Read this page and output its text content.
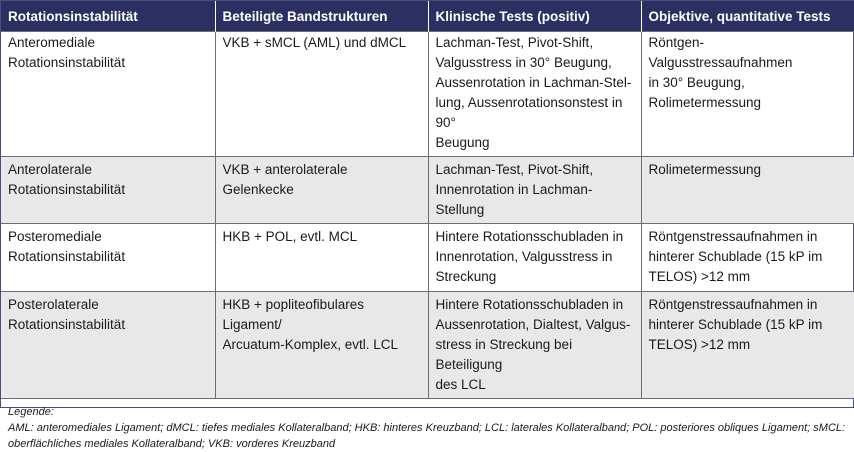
Rotationsinstabilität	Beteiligte Bandstrukturen	Klinische Tests (positiv)	Objektive, quantitative Tests
Anteromediale Rotationsinstabilität	VKB + sMCL (AML) und dMCL	Lachman-Test, Pivot-Shift,
Valgusstress in 30° Beugung,
Aussenrotation in Lachman-Stel-
lung, Aussenrotationsonstest in 90°
Beugung	Röntgen-Valgusstressaufnahmen
in 30° Beugung, Rolimetermessung
Anterolaterale Rotationsinstabilität	VKB + anterolaterale Gelenkecke	Lachman-Test, Pivot-Shift,
Innenrotation in Lachman-Stellung	Rolimetermessung
Posteromediale Rotationsinstabilität	HKB + POL, evtl. MCL	Hintere Rotationsschubladen in
Innenrotation, Valgusstress in
Streckung	Röntgenstressaufnahmen in
hinterer Schublade (15 kP im
TELOS) >12 mm
Posterolaterale Rotationsinstabilität	HKB + popliteofibulares Ligament/
Arcuatum-Komplex, evtl. LCL	Hintere Rotationsschubladen in
Aussenrotation, Dialtest, Valgus-
stress in Streckung bei Beteiligung
des LCL	Röntgenstressaufnahmen in
hinterer Schublade (15 kP im
TELOS) >12 mm
Legende:
AML: anteromediales Ligament; dMCL: tiefes mediales Kollateralband; HKB: hinteres Kreuzband; LCL: laterales Kollateralband; POL: posteriores obliques Ligament; sMCL:
oberflächliches mediales Kollateralband; VKB: vorderes Kreuzband
